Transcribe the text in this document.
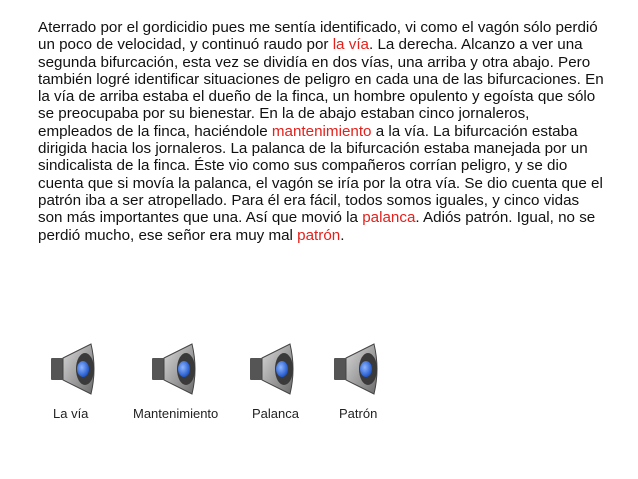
Aterrado por el gordicidio pues me sentía identificado, vi como el vagón sólo perdió un poco de velocidad, y continuó raudo por la vía. La derecha. Alcanzo a ver una segunda bifurcación, esta vez se dividía en dos vías, una arriba y otra abajo. Pero también logré identificar situaciones de peligro en cada una de las bifurcaciones. En la vía de arriba estaba el dueño de la finca, un hombre opulento y egoísta que sólo se preocupaba por su bienestar. En la de abajo estaban cinco jornaleros, empleados de la finca, haciéndole mantenimiento a la vía. La bifurcación estaba dirigida hacia los jornaleros. La palanca de la bifurcación estaba manejada por un sindicalista de la finca. Éste vio como sus compañeros corrían peligro, y se dio cuenta que si movía la palanca, el vagón se iría por la otra vía. Se dio cuenta que el patrón iba a ser atropellado. Para él era fácil, todos somos iguales, y cinco vidas son más importantes que una. Así que movió la palanca. Adiós patrón. Igual, no se perdió mucho, ese señor era muy mal patrón.

La vía	Mantenimiento	Palanca	Patrón
